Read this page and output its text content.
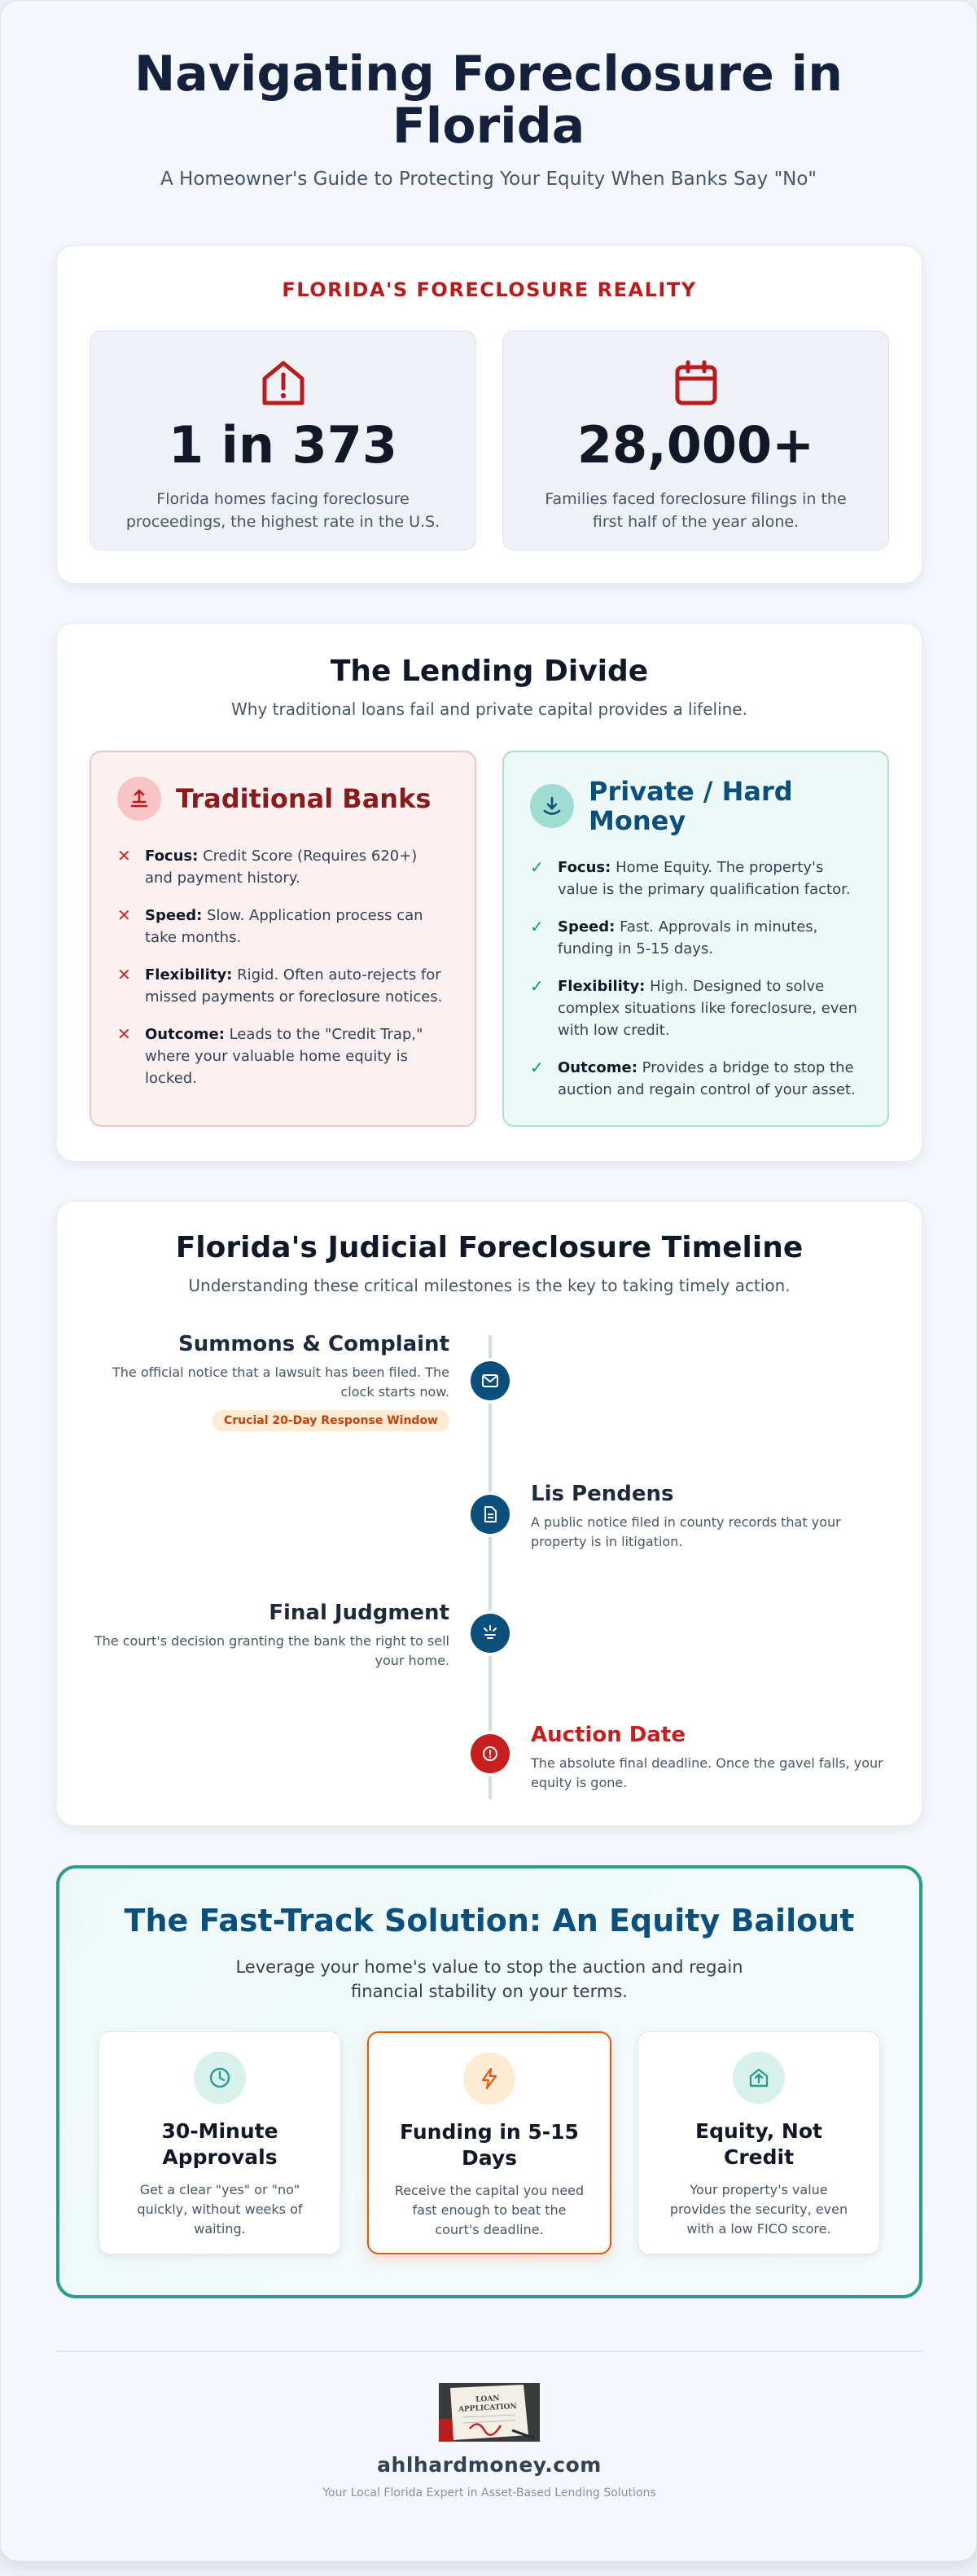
Navigating Foreclosure in Florida

A Homeowner's Guide to Protecting Your Equity When Banks Say "No"

FLORIDA'S FORECLOSURE REALITY
1 in 373
Florida homes facing foreclosure proceedings, the highest rate in the U.S.
28,000+
Families faced foreclosure filings in the first half of the year alone.
The Lending Divide

Why traditional loans fail and private capital provides a lifeline.

Traditional Banks
✕ Focus: Credit Score (Requires 620+) and payment history.
✕ Speed: Slow. Application process can take months.
✕ Flexibility: Rigid. Often auto-rejects for missed payments or foreclosure notices.
✕ Outcome: Leads to the "Credit Trap," where your valuable home equity is locked.
Private / Hard Money
✓ Focus: Home Equity. The property's value is the primary qualification factor.
✓ Speed: Fast. Approvals in minutes, funding in 5-15 days.
✓ Flexibility: High. Designed to solve complex situations like foreclosure, even with low credit.
✓ Outcome: Provides a bridge to stop the auction and regain control of your asset.
Florida's Judicial Foreclosure Timeline

Understanding these critical milestones is the key to taking timely action.

Summons & Complaint

The official notice that a lawsuit has been filed. The clock starts now.

Crucial 20-Day Response Window
Lis Pendens

A public notice filed in county records that your property is in litigation.

Final Judgment

The court's decision granting the bank the right to sell your home.

Auction Date

The absolute final deadline. Once the gavel falls, your equity is gone.

The Fast-Track Solution: An Equity Bailout

Leverage your home's value to stop the auction and regain financial stability on your terms.

30-Minute Approvals

Get a clear "yes" or "no" quickly, without weeks of waiting.

Funding in 5-15 Days

Receive the capital you need fast enough to beat the court's deadline.

Equity, Not Credit

Your property's value provides the security, even with a low FICO score.

LOAN
APPLICATION
ahlhardmoney.com
Your Local Florida Expert in Asset-Based Lending Solutions
